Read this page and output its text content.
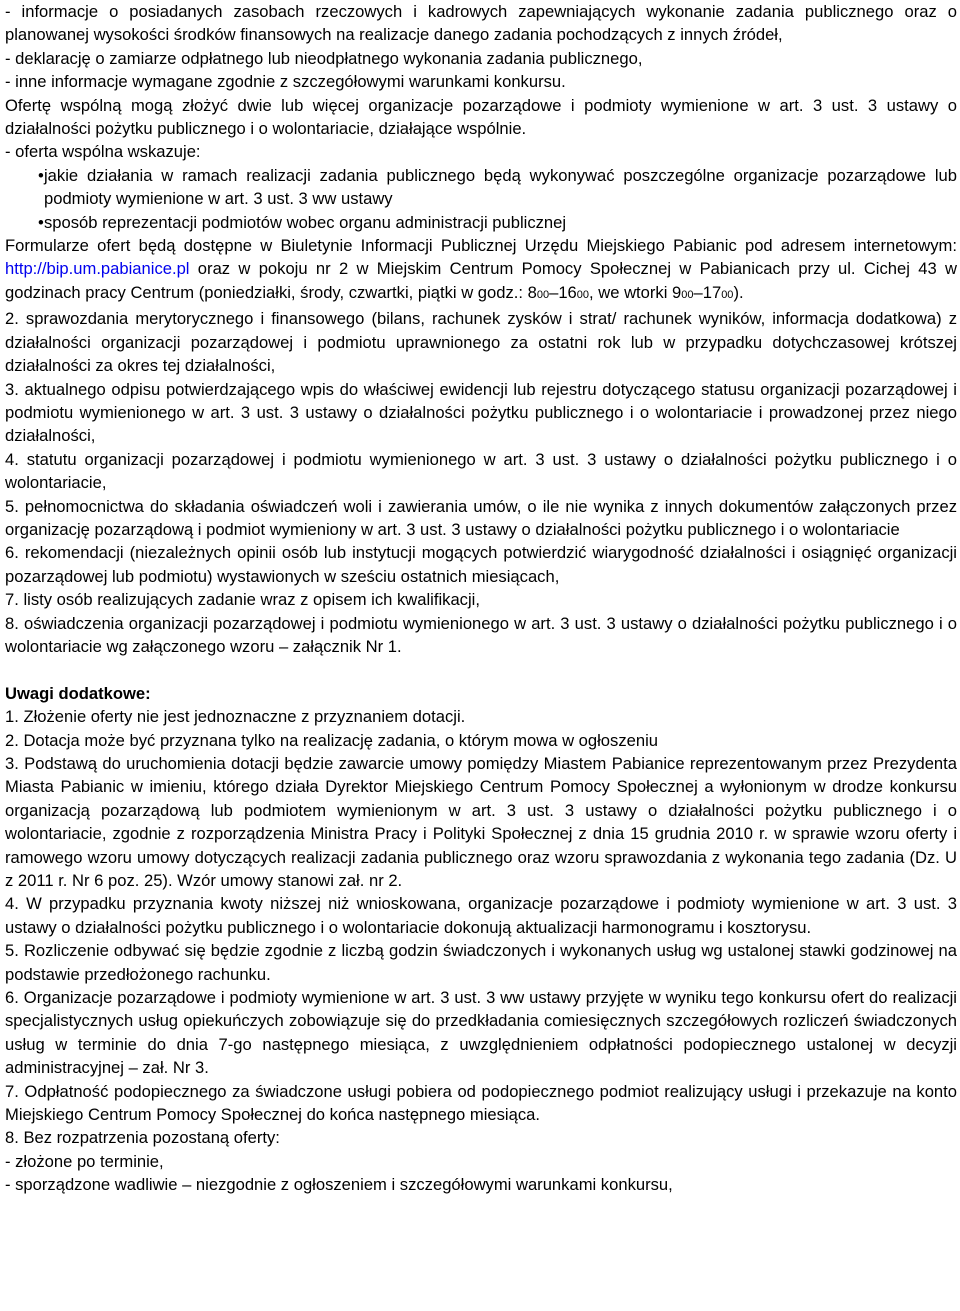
- informacje o posiadanych zasobach rzeczowych i kadrowych zapewniających wykonanie zadania publicznego oraz o planowanej wysokości środków finansowych na realizacje danego zadania pochodzących z innych źródeł,

- deklarację o zamiarze odpłatnego lub nieodpłatnego wykonania zadania publicznego,

- inne informacje wymagane zgodnie z szczegółowymi warunkami konkursu.

Ofertę wspólną mogą złożyć dwie lub więcej organizacje pozarządowe i podmioty wymienione w art. 3 ust. 3 ustawy o działalności pożytku publicznego i o wolontariacie, działające wspólnie.

- oferta wspólna wskazuje:

• jakie działania w ramach realizacji zadania publicznego będą wykonywać poszczególne organizacje pozarządowe lub podmioty wymienione w art. 3 ust. 3 ww ustawy

• sposób reprezentacji podmiotów wobec organu administracji publicznej

Formularze ofert będą dostępne w Biuletynie Informacji Publicznej Urzędu Miejskiego Pabianic pod adresem internetowym: http://bip.um.pabianice.pl oraz w pokoju nr 2 w Miejskim Centrum Pomocy Społecznej w Pabianicach przy ul. Cichej 43 w godzinach pracy Centrum (poniedziałki, środy, czwartki, piątki w godz.: 800–1600, we wtorki 900–1700).

2. sprawozdania merytorycznego i finansowego (bilans, rachunek zysków i strat/ rachunek wyników, informacja dodatkowa) z działalności organizacji pozarządowej i podmiotu uprawnionego za ostatni rok lub w przypadku dotychczasowej krótszej działalności za okres tej działalności,

3. aktualnego odpisu potwierdzającego wpis do właściwej ewidencji lub rejestru dotyczącego statusu organizacji pozarządowej i podmiotu wymienionego w art. 3 ust. 3 ustawy o działalności pożytku publicznego i o wolontariacie i prowadzonej przez niego działalności,

4. statutu organizacji pozarządowej i podmiotu wymienionego w art. 3 ust. 3 ustawy o działalności pożytku publicznego i o wolontariacie,

5. pełnomocnictwa do składania oświadczeń woli i zawierania umów, o ile nie wynika z innych dokumentów załączonych przez organizację pozarządową i podmiot wymieniony w art. 3 ust. 3 ustawy o działalności pożytku publicznego i o wolontariacie

6. rekomendacji (niezależnych opinii osób lub instytucji mogących potwierdzić wiarygodność działalności i osiągnięć organizacji pozarządowej lub podmiotu) wystawionych w sześciu ostatnich miesiącach,

7. listy osób realizujących zadanie wraz z opisem ich kwalifikacji,

8. oświadczenia organizacji pozarządowej i podmiotu wymienionego w art. 3 ust. 3 ustawy o działalności pożytku publicznego i o wolontariacie wg załączonego wzoru – załącznik Nr 1.

Uwagi dodatkowe:

1. Złożenie oferty nie jest jednoznaczne z przyznaniem dotacji.

2. Dotacja może być przyznana tylko na realizację zadania, o którym mowa w ogłoszeniu

3. Podstawą do uruchomienia dotacji będzie zawarcie umowy pomiędzy Miastem Pabianice reprezentowanym przez Prezydenta Miasta Pabianic w imieniu, którego działa Dyrektor Miejskiego Centrum Pomocy Społecznej a wyłonionym w drodze konkursu organizacją pozarządową lub podmiotem wymienionym w art. 3 ust. 3 ustawy o działalności pożytku publicznego i o wolontariacie, zgodnie z rozporządzenia Ministra Pracy i Polityki Społecznej z dnia 15 grudnia 2010 r. w sprawie wzoru oferty i ramowego wzoru umowy dotyczących realizacji zadania publicznego oraz wzoru sprawozdania z wykonania tego zadania (Dz. U z 2011 r. Nr 6 poz. 25). Wzór umowy stanowi zał. nr 2.

4. W przypadku przyznania kwoty niższej niż wnioskowana, organizacje pozarządowe i podmioty wymienione w art. 3 ust. 3 ustawy o działalności pożytku publicznego i o wolontariacie dokonują aktualizacji harmonogramu i kosztorysu.

5. Rozliczenie odbywać się będzie zgodnie z liczbą godzin świadczonych i wykonanych usług wg ustalonej stawki godzinowej na podstawie przedłożonego rachunku.

6. Organizacje pozarządowe i podmioty wymienione w art. 3 ust. 3 ww ustawy przyjęte w wyniku tego konkursu ofert do realizacji specjalistycznych usług opiekuńczych zobowiązuje się do przedkładania comiesięcznych szczegółowych rozliczeń świadczonych usług w terminie do dnia 7-go następnego miesiąca, z uwzględnieniem odpłatności podopiecznego ustalonej w decyzji administracyjnej – zał. Nr 3.

7. Odpłatność podopiecznego za świadczone usługi pobiera od podopiecznego podmiot realizujący usługi i przekazuje na konto Miejskiego Centrum Pomocy Społecznej do końca następnego miesiąca.

8. Bez rozpatrzenia pozostaną oferty:

- złożone po terminie,

- sporządzone wadliwie – niezgodnie z ogłoszeniem i szczegółowymi warunkami konkursu,
